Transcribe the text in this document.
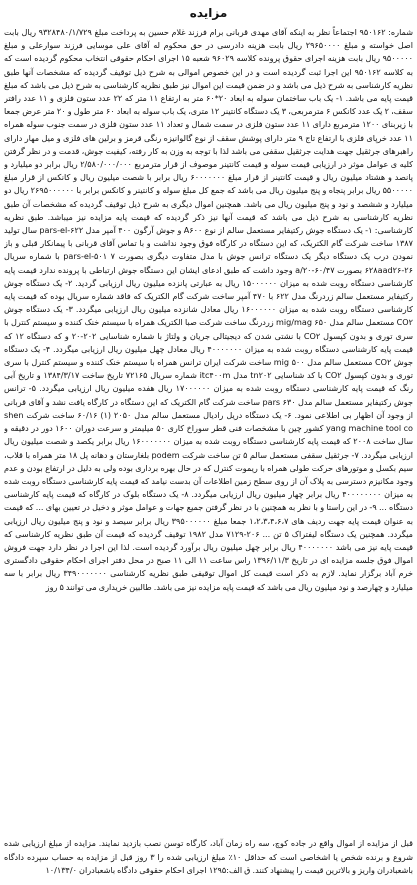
مزایده

شماره: ۹۵۰۱۶۲ اجتماعاً نظر به اینکه آقای مهدی قربانی برام فرزند غلام حسین به پرداخت مبلغ ۹۳۲۸۴۸۰/۱/۷۲۹ ریال بابت اصل خواسته و مبلغ ۲۹۶۵۰۰۰۰ ریال بابت هزینه دادرسی در حق محکوم له آقای علی موسایی فرزند سوارعلی و مبلغ ۹۵۰۰۰۰۰ ریال بابت هزینه اجرای حقوق پرونده کلاسه ۹۶۰۲۹ شعبه ۱۵ اجرای احکام حقوقی انتخاب محکوم گردیده است که به کلاسه ۹۵۰۱۶۲ این اجرا ثبت گردیده است و در این خصوص اموالی به شرح ذیل توقیف گردیده که مشخصات آنها طبق نظریه کارشناسی به شرح ذیل می باشد و در ضمن قیمت این اموال نیز طبق نظریه کارشناسی به شرح ذیل می باشد که مبلغ قیمت پایه می باشد. ۱- یک باب ساختمان سوله به ابعاد ۲۰*۶۰ متر به ارتفاع ۱۱ متر که ۲۲ عدد ستون فلزی و ۱۱ عدد رافتر سقف، ۲ یک عدد کانکس ۶ مترمربعی، ۳ یک دستگاه کانتینر ۱۲ متری، یک باب سوله به ابعاد ۶۰ متر طول و ۲۰ متر عرض جمعا با زیربنای ۱۲۰۰ مترمربع دارای ۱۱ عدد ستون فلزی در سمت شمال و تعداد ۱۱ عدد ستون فلزی در سمت جنوب سوله همراه ۱۱ عدد خرپای فلزی با ارتفاع تاج ۹ متر دارای پوشش سقف از نوع گالوانیزه رنگی قرمز و برلین های فلزی و میل مهار دارای راهبرهای جرثقیل جهت هدایت جرثقیل سقفی می باشد لذا با توجه به وزن به کار رفته، کیفیت جوش، قدمت و در نظر گرفتن کلیه ی عوامل موثر در ارزیابی قیمت سوله و قیمت کانتینر موصوف از قرار مترمربع ۲/۵۸۰/۰۰۰/۰۰۰ ریال برابر دو میلیارد و پانصد و هشتاد میلیون ریال و قیمت کانتینر از قرار مبلغ ۶۰۰۰۰۰۰۰ ریال برابر با شصت میلیون ریال و کانکس از قرار مبلغ ۵۵۰۰۰۰۰ ریال برابر پنجاه و پنج میلیون ریال می باشد که جمع کل مبلغ سوله و کانتینر و کانکس برابر با ۲۶۹۵۰۰۰۰۰۰ ریال دو میلیارد و ششصد و نود و پنج میلیون ریال می باشد. همچنین اموال دیگری به شرح ذیل توقیف گردیده که مشخصات آن طبق نظریه کارشناسی به شرح ذیل می باشد که قیمت آنها نیز ذکر گردیده که قیمت پایه مزایده نیز میباشد. طبق نظریه کارشناسی: ۱- یک دستگاه جوش رکتیفایر مستعمل سالم از نوع A۶۰۰ و جوش آرگون ۴۰۰ آمپر مدل pars-el-۶۲۲ سال تولید ۱۳۸۷ ساخت شرکت گام الکتریک، که این دستگاه در کارگاه فوق وجود نداشت و با تماس آقای قربانی با پیمانکار قبلی و باز نمودن درب یک دستگاه دیگر یک دستگاه ترانس جوش با مدل متفاوت دیگری بصورت pars-el-۵۰۱ ۷ با شماره سریال ۲۶-۶۲۸aad۲۶ بصورت ۶۰/۴۷-a/۲۰ وجود داشت که طبق ادعای ایشان این دستگاه جوش ارتباطی با پرونده ندارد قیمت پایه کارشناسی دستگاه روبت شده به میزان ۱۵۰۰۰۰۰۰ ریال به عبارتی پانزده میلیون ریال ارزیابی گردید. ۲- یک دستگاه جوش رکتیفایر مستعمل سالم زردرنگ مدل ۶۲۲ با ۴۷۰ آمپر ساخت شرکت گام الکتریک که فاقد شماره سریال بوده که قیمت پایه کارشناسی دستگاه روبت شده به میزان ۱۶۰۰۰۰۰۰ ریال معادل شانزده میلیون ریال ارزیابی میگردد. ۳- یک دستگاه جوش CO۲ مستعمل سالم مدل mig/mag ۶۵۰ زردرنگ ساخت شرکت صبا الکتریک همراه با سیستم خنک کننده و سیستم کنترل با سری توری و بدون کپسول CO۲ با نشتی شدن که دیجیتالی جریان و ولتاژ با شماره شناسایی ۲۰۲-۲۰ و که دستگاه ۱۲ که قیمت پایه کارشناسی دستگاه روبت شده به میزان ۴۰۰۰۰۰۰۰ ریال معادل چهل میلیون ریال ارزیابی میگردد. ۴- یک دستگاه جوش CO۲ مستعمل سالم مدل mig ۵۰۰ ساخت شرکت ایران ترانس همراه با سیستم خنک کننده و سیستم کنترل با سری توری و بدون کپسول CO۲ با کد شناسایی tn۲۰۲ مدل itc۴۰۰m شماره سریال ۷۲۱۶۵ تاریخ ساخت ۱۳۸۴/۳/۱۷ و تاریخ آبی رنگ که قیمت پایه کارشناسی دستگاه روبت شده به میزان ۱۷۰۰۰۰۰۰ ریال هفده میلیون ریال ارزیابی میگردد. ۵- ترانس جوش رکتیفایر مستعمل سالم مدل pars ۶۳۰ ساخت شرکت گام الکتریک که این دستگاه در کارگاه یافت نشد و آقای قربانی از وجود آن اظهار بی اطلاعی نمود. ۶- یک دستگاه دریل رادیال مستعمل سالم مدل ۲۰۵۰ (۱) ۶۰/۱۶ ساخت شرکت shen yang machine tool co کشور چین با مشخصات فنی قطر سوراخ کاری ۵۰ میلیمتر و سرعت دوران ۱۶۰۰ دور در دقیقه و سال ساخت ۲۰۰۸ که قیمت پایه کارشناسی دستگاه روبت شده به میزان ۱۶۰۰۰۰۰۰۰ ریال برابر یکصد و شصت میلیون ریال ارزیابی میگردد. ۷- جرثقیل سقفی مستعمل سالم ۵ تن ساخت شرکت podem بلغارستان و دهانه پل ۱۸ متر همراه با قلاب، سیم بکسل و موتورهای حرکت طولی همراه با ریموت کنترل که در حال بهره برداری بوده ولی به دلیل در ارتفاع بودن و عدم وجود مکانیزم دسترسی به پلاک آن از روی سطح زمین اطلاعات آن بدست نیامد که قیمت پایه کارشناسی دستگاه روبت شده به میزان ۴۰۰۰۰۰۰۰۰ ریال برابر چهار میلیون ریال ارزیابی میگردد. ۸- یک دستگاه بلوک در کارگاه که قیمت پایه کارشناسی دستگاه ... ۹- در این راستا و با نظر به همچنین با در نظر گرفتن جمیع جهات و عوامل موثر و دخیل در تعیین بهای ... که قیمت به عنوان قیمت پایه جهت ردیف های ۱،۲،۳،۴،۶،۷ جمعا مبلغ ۳۹۵۰۰۰۰۰۰ ریال برابر سیصد و نود و پنج میلیون ریال ارزیابی میگردد. همچنین یک دستگاه لیفتراک ۵ تن ... ۲۰۶-۷۱۲۹ مدل ۱۹۸۲ توقیف گردیده که قیمت آن طبق نظریه کارشناسی که قیمت پایه نیز می باشد ۴۰۰۰۰۰۰۰ ریال برابر چهل میلیون ریال برآورد گردیده است. لذا این اجرا در نظر دارد جهت فروش اموال فوق جلسه مزایده ای در تاریخ ۱۳۹۶/۱۱/۳ راس ساعت ۱۱ الی ۱۱ صبح در محل دفتر اجرای احکام حقوقی دادگستری خرم آباد برگزار نماید. لازم به ذکر است قیمت کل اموال توقیفی طبق نظریه کارشناسی ۳۴۹۰۰۰۰۰۰۰ ریال برابر با سه میلیارد و چهارصد و نود میلیون ریال می باشد که قیمت پایه مزایده نیز می باشد. طالبین خریداری می توانند ۵ روز

قبل از مزایده از اموال واقع در جاده کوچ، سه راه زمان آباد، کارگاه توسن نصب بازدید نمایند. مزایده از مبلغ ارزیابی شده شروع و برنده شخص یا اشخاصی است که حداقل ۱۰٪ مبلغ ارزیابی شده را ۳ روز قبل از مزایده به حساب سپرده دادگاه باشعبادران واریز و بالاترین قیمت را پیشنهاد کنند. ق الف:۱۲۹۵ اجرای احکام حقوقی دادگاه باشعبادران ۱۰/۱۳۴/۰
